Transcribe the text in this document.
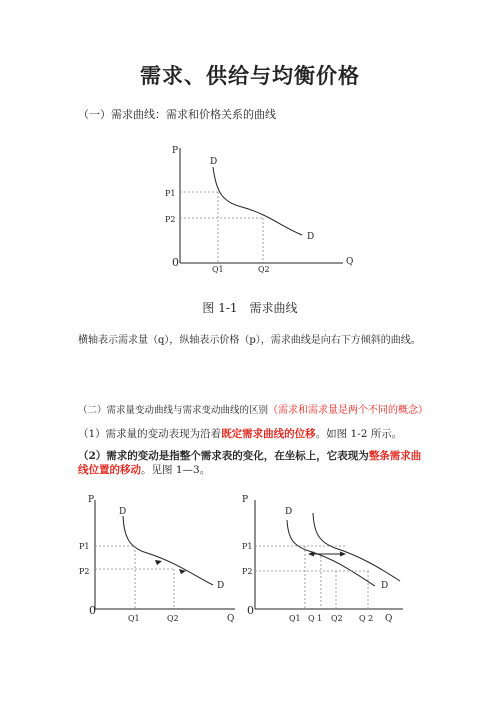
需求、供给与均衡价格
（一）需求曲线：需求和价格关系的曲线
P
Q
0
D
D
P1
P2
Q1	Q2
图 1-1　需求曲线
横轴表示需求量（q），纵轴表示价格（p），需求曲线是向右下方倾斜的曲线。
（二）需求量变动曲线与需求变动曲线的区别（需求和需求量是两个不同的概念）
（1）需求量的变动表现为沿着既定需求曲线的位移。如图 1-2 所示。
（2）需求的变动是指整个需求表的变化，在坐标上，它表现为整条需求曲线位置的移动。见图 1—3。
P
Q
0
D
D
P1
P2
Q1	Q2
P
Q
0
D
D
P1
P2
Q1 Q 1 Q2 Q 2
